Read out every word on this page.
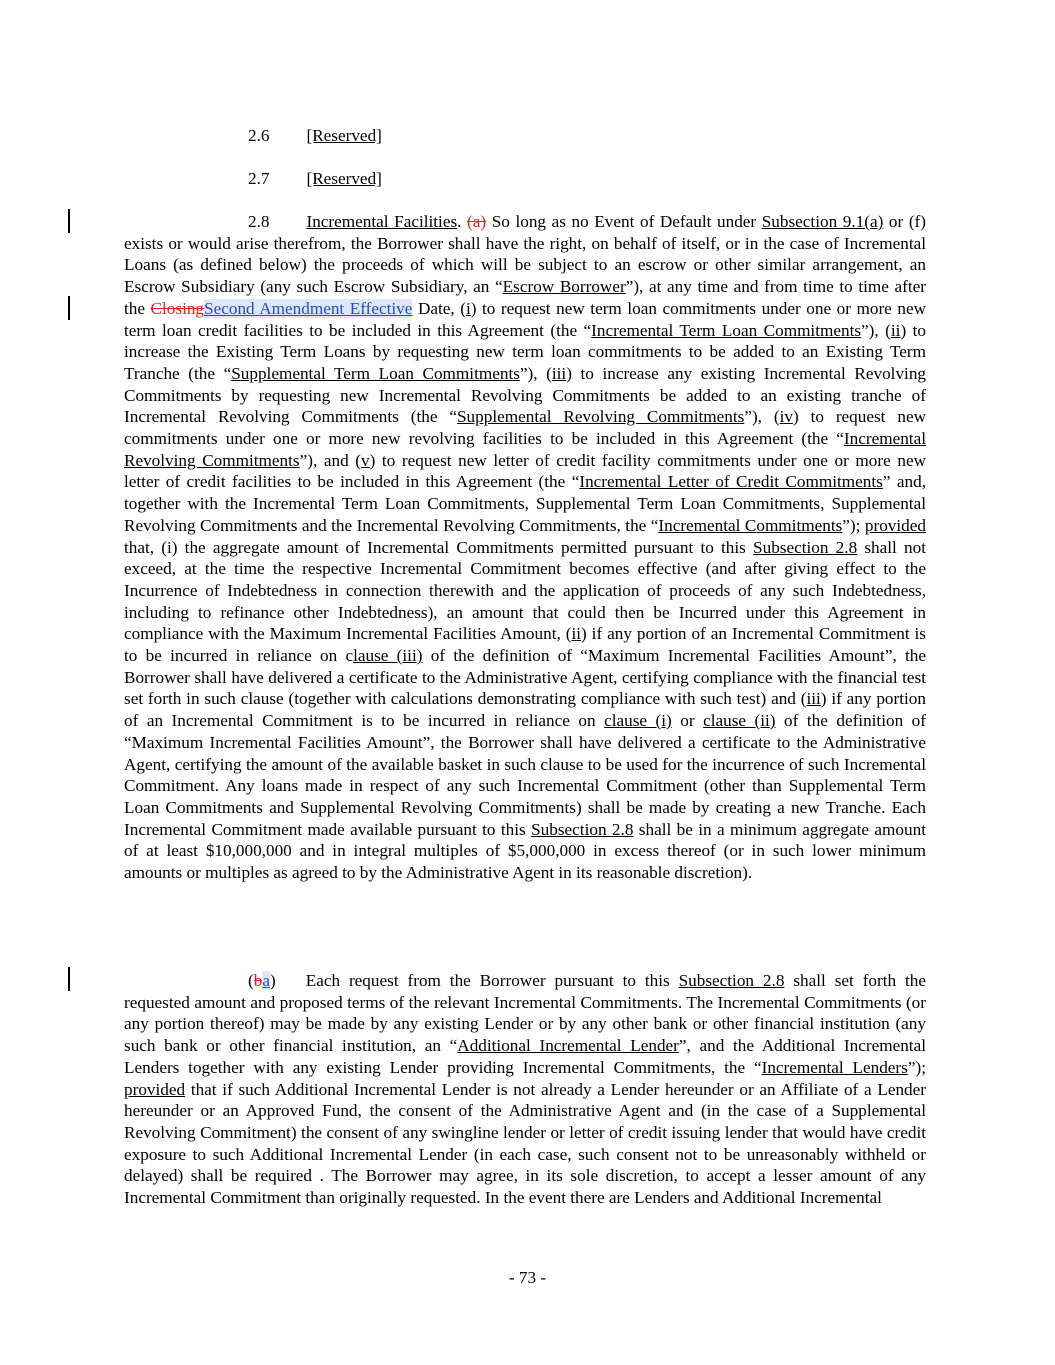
2.6 [Reserved]
2.7 [Reserved]
2.8 Incremental Facilities. (a) So long as no Event of Default under Subsection 9.1(a) or (f) exists or would arise therefrom, the Borrower shall have the right, on behalf of itself, or in the case of Incremental Loans (as defined below) the proceeds of which will be subject to an escrow or other similar arrangement, an Escrow Subsidiary (any such Escrow Subsidiary, an “Escrow Borrower”), at any time and from time to time after the ClosingSecond Amendment Effective Date, (i) to request new term loan commitments under one or more new term loan credit facilities to be included in this Agreement (the “Incremental Term Loan Commitments”), (ii) to increase the Existing Term Loans by requesting new term loan commitments to be added to an Existing Term Tranche (the “Supplemental Term Loan Commitments”), (iii) to increase any existing Incremental Revolving Commitments by requesting new Incremental Revolving Commitments be added to an existing tranche of Incremental Revolving Commitments (the “Supplemental Revolving Commitments”), (iv) to request new commitments under one or more new revolving facilities to be included in this Agreement (the “Incremental Revolving Commitments”), and (v) to request new letter of credit facility commitments under one or more new letter of credit facilities to be included in this Agreement (the “Incremental Letter of Credit Commitments” and, together with the Incremental Term Loan Commitments, Supplemental Term Loan Commitments, Supplemental Revolving Commitments and the Incremental Revolving Commitments, the “Incremental Commitments”); provided that, (i) the aggregate amount of Incremental Commitments permitted pursuant to this Subsection 2.8 shall not exceed, at the time the respective Incremental Commitment becomes effective (and after giving effect to the Incurrence of Indebtedness in connection therewith and the application of proceeds of any such Indebtedness, including to refinance other Indebtedness), an amount that could then be Incurred under this Agreement in compliance with the Maximum Incremental Facilities Amount, (ii) if any portion of an Incremental Commitment is to be incurred in reliance on clause (iii) of the definition of “Maximum Incremental Facilities Amount”, the Borrower shall have delivered a certificate to the Administrative Agent, certifying compliance with the financial test set forth in such clause (together with calculations demonstrating compliance with such test) and (iii) if any portion of an Incremental Commitment is to be incurred in reliance on clause (i) or clause (ii) of the definition of “Maximum Incremental Facilities Amount”, the Borrower shall have delivered a certificate to the Administrative Agent, certifying the amount of the available basket in such clause to be used for the incurrence of such Incremental Commitment. Any loans made in respect of any such Incremental Commitment (other than Supplemental Term Loan Commitments and Supplemental Revolving Commitments) shall be made by creating a new Tranche. Each Incremental Commitment made available pursuant to this Subsection 2.8 shall be in a minimum aggregate amount of at least $10,000,000 and in integral multiples of $5,000,000 in excess thereof (or in such lower minimum amounts or multiples as agreed to by the Administrative Agent in its reasonable discretion).
(ba) Each request from the Borrower pursuant to this Subsection 2.8 shall set forth the requested amount and proposed terms of the relevant Incremental Commitments. The Incremental Commitments (or any portion thereof) may be made by any existing Lender or by any other bank or other financial institution (any such bank or other financial institution, an “Additional Incremental Lender”, and the Additional Incremental Lenders together with any existing Lender providing Incremental Commitments, the “Incremental Lenders”); provided that if such Additional Incremental Lender is not already a Lender hereunder or an Affiliate of a Lender hereunder or an Approved Fund, the consent of the Administrative Agent and (in the case of a Supplemental Revolving Commitment) the consent of any swingline lender or letter of credit issuing lender that would have credit exposure to such Additional Incremental Lender (in each case, such consent not to be unreasonably withheld or delayed) shall be required . The Borrower may agree, in its sole discretion, to accept a lesser amount of any Incremental Commitment than originally requested. In the event there are Lenders and Additional Incremental
- 73 -
